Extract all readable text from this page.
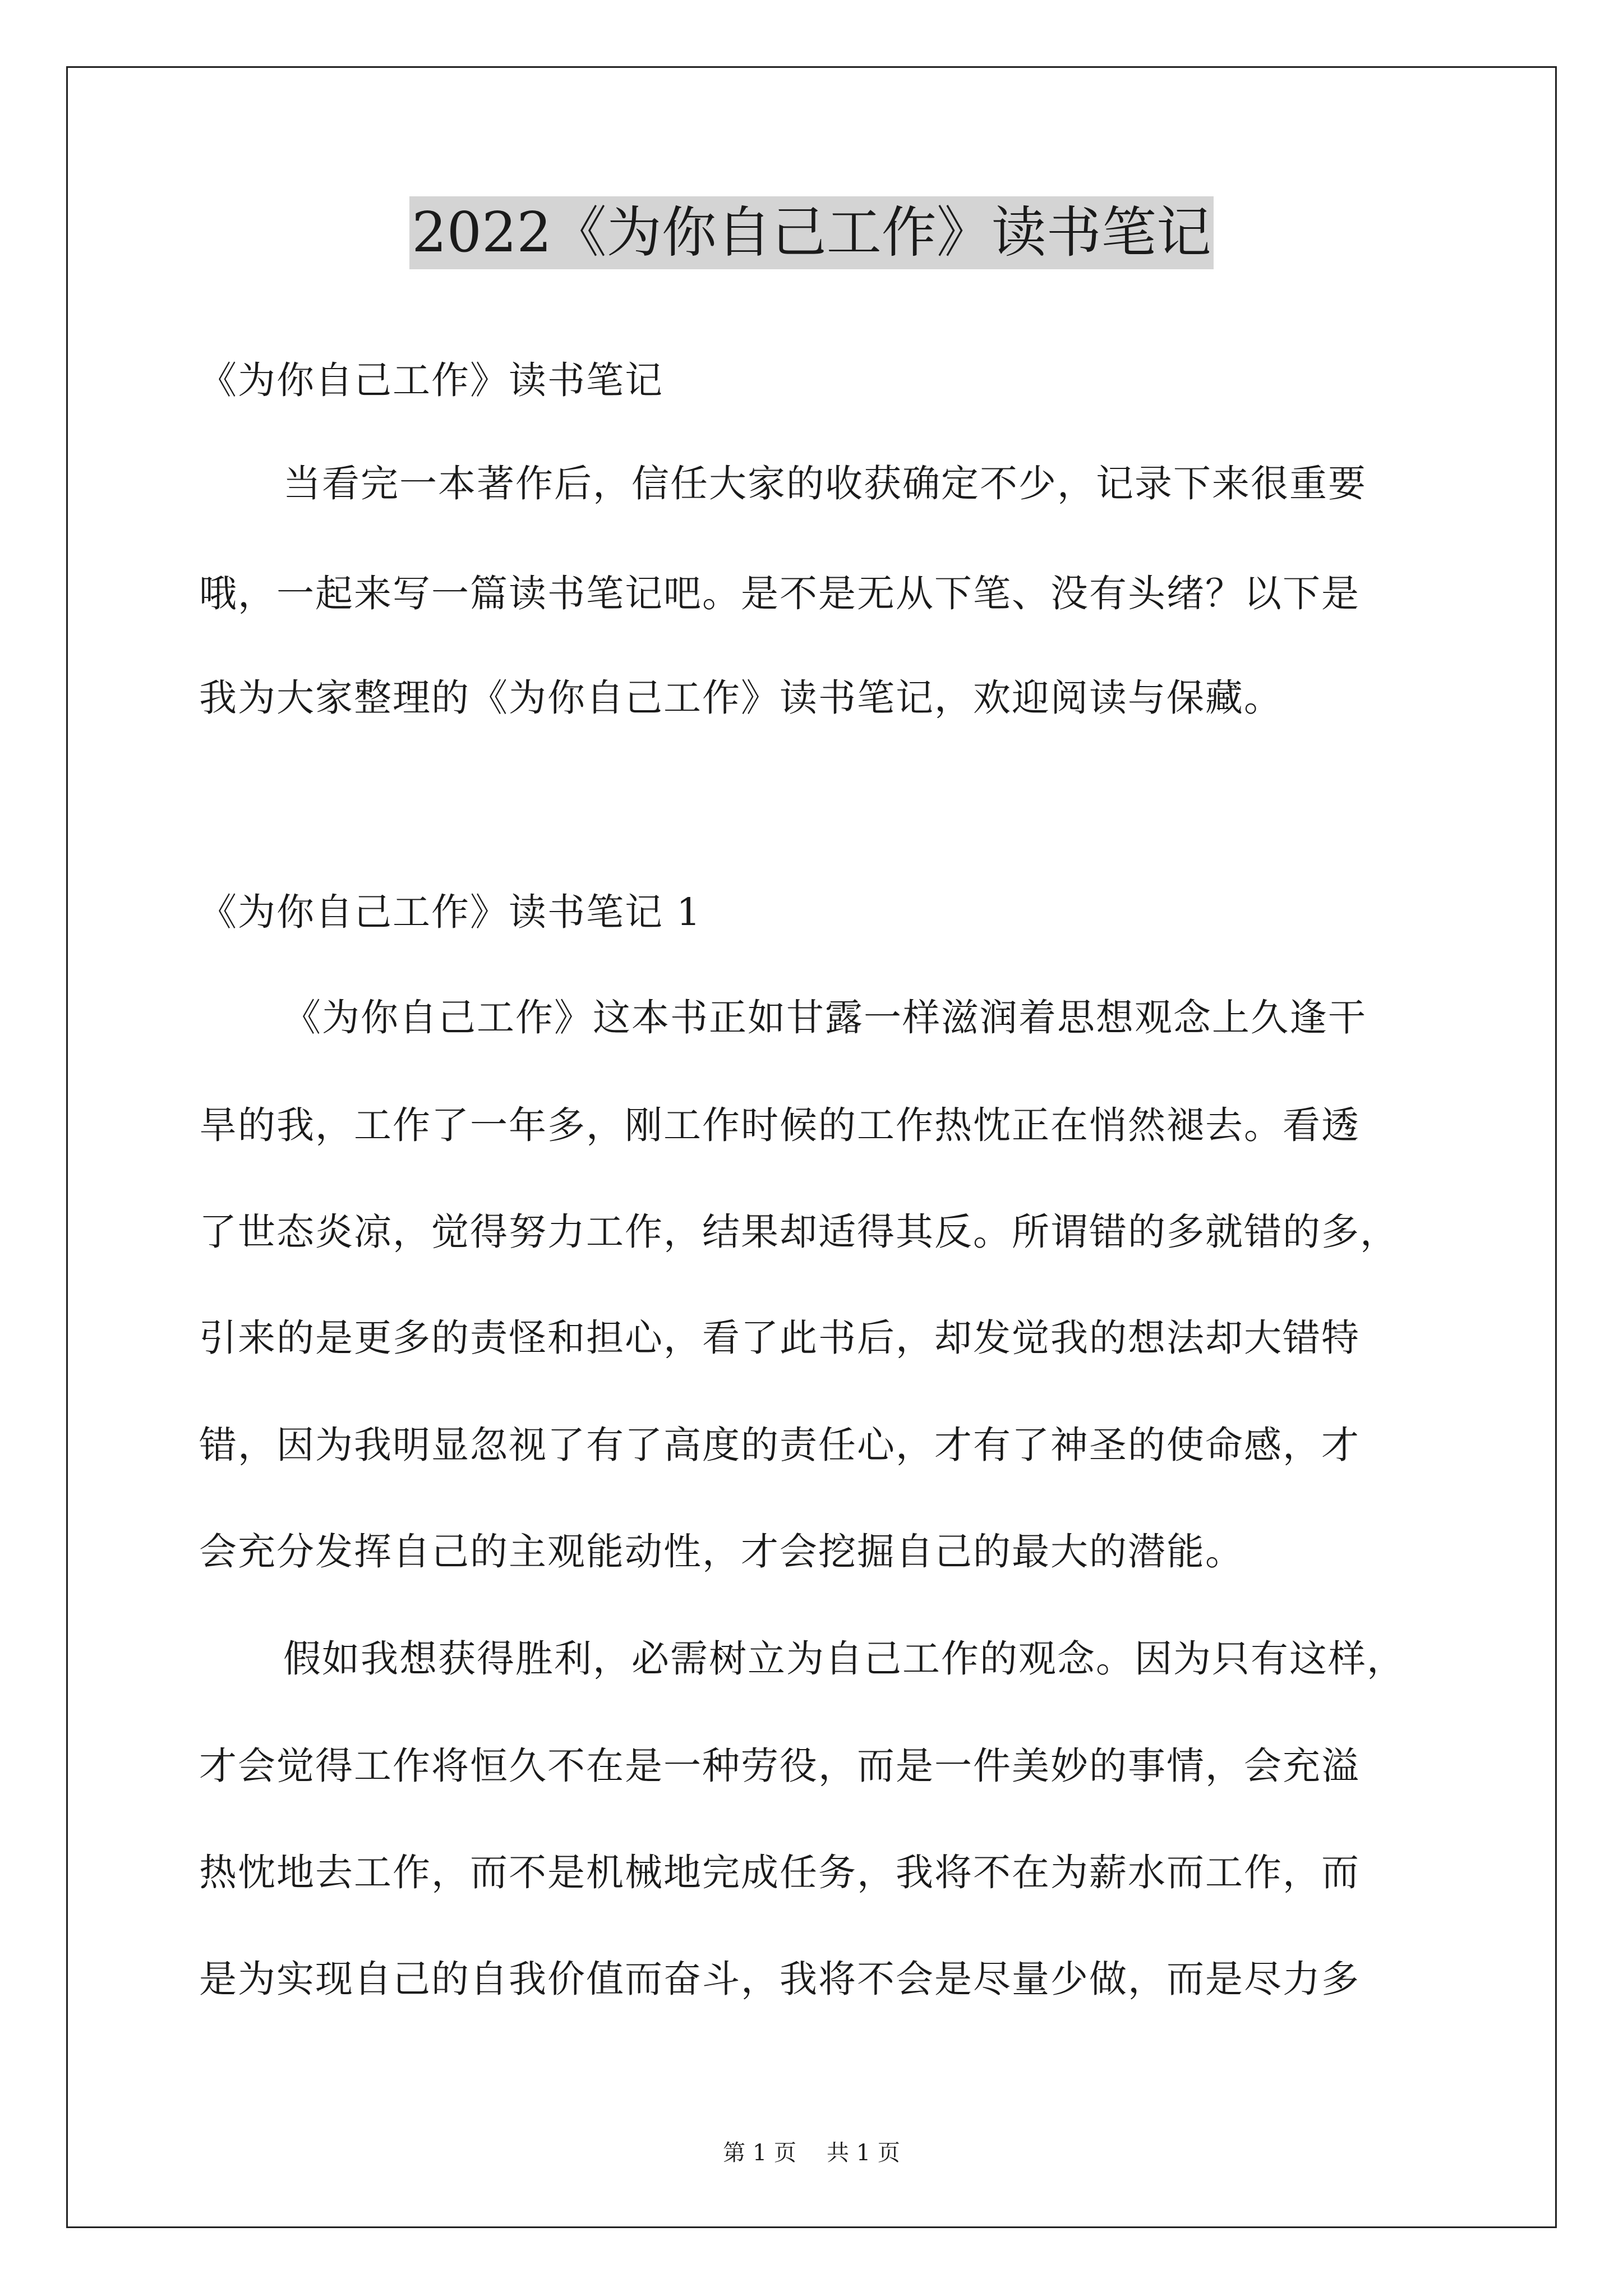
2022《为你自己工作》读书笔记
《为你自己工作》读书笔记
当看完一本著作后，信任大家的收获确定不少，记录下来很重要
哦，一起来写一篇读书笔记吧。是不是无从下笔、没有头绪？以下是
我为大家整理的《为你自己工作》读书笔记，欢迎阅读与保藏。
《为你自己工作》读书笔记 1
《为你自己工作》这本书正如甘露一样滋润着思想观念上久逢干
旱的我，工作了一年多，刚工作时候的工作热忱正在悄然褪去。看透
了世态炎凉，觉得努力工作，结果却适得其反。所谓错的多就错的多，
引来的是更多的责怪和担心，看了此书后，却发觉我的想法却大错特
错，因为我明显忽视了有了高度的责任心，才有了神圣的使命感，才
会充分发挥自己的主观能动性，才会挖掘自己的最大的潜能。
假如我想获得胜利，必需树立为自己工作的观念。因为只有这样，
才会觉得工作将恒久不在是一种劳役，而是一件美妙的事情，会充溢
热忱地去工作，而不是机械地完成任务，我将不在为薪水而工作，而
是为实现自己的自我价值而奋斗，我将不会是尽量少做，而是尽力多
第 1 页 共 1 页
